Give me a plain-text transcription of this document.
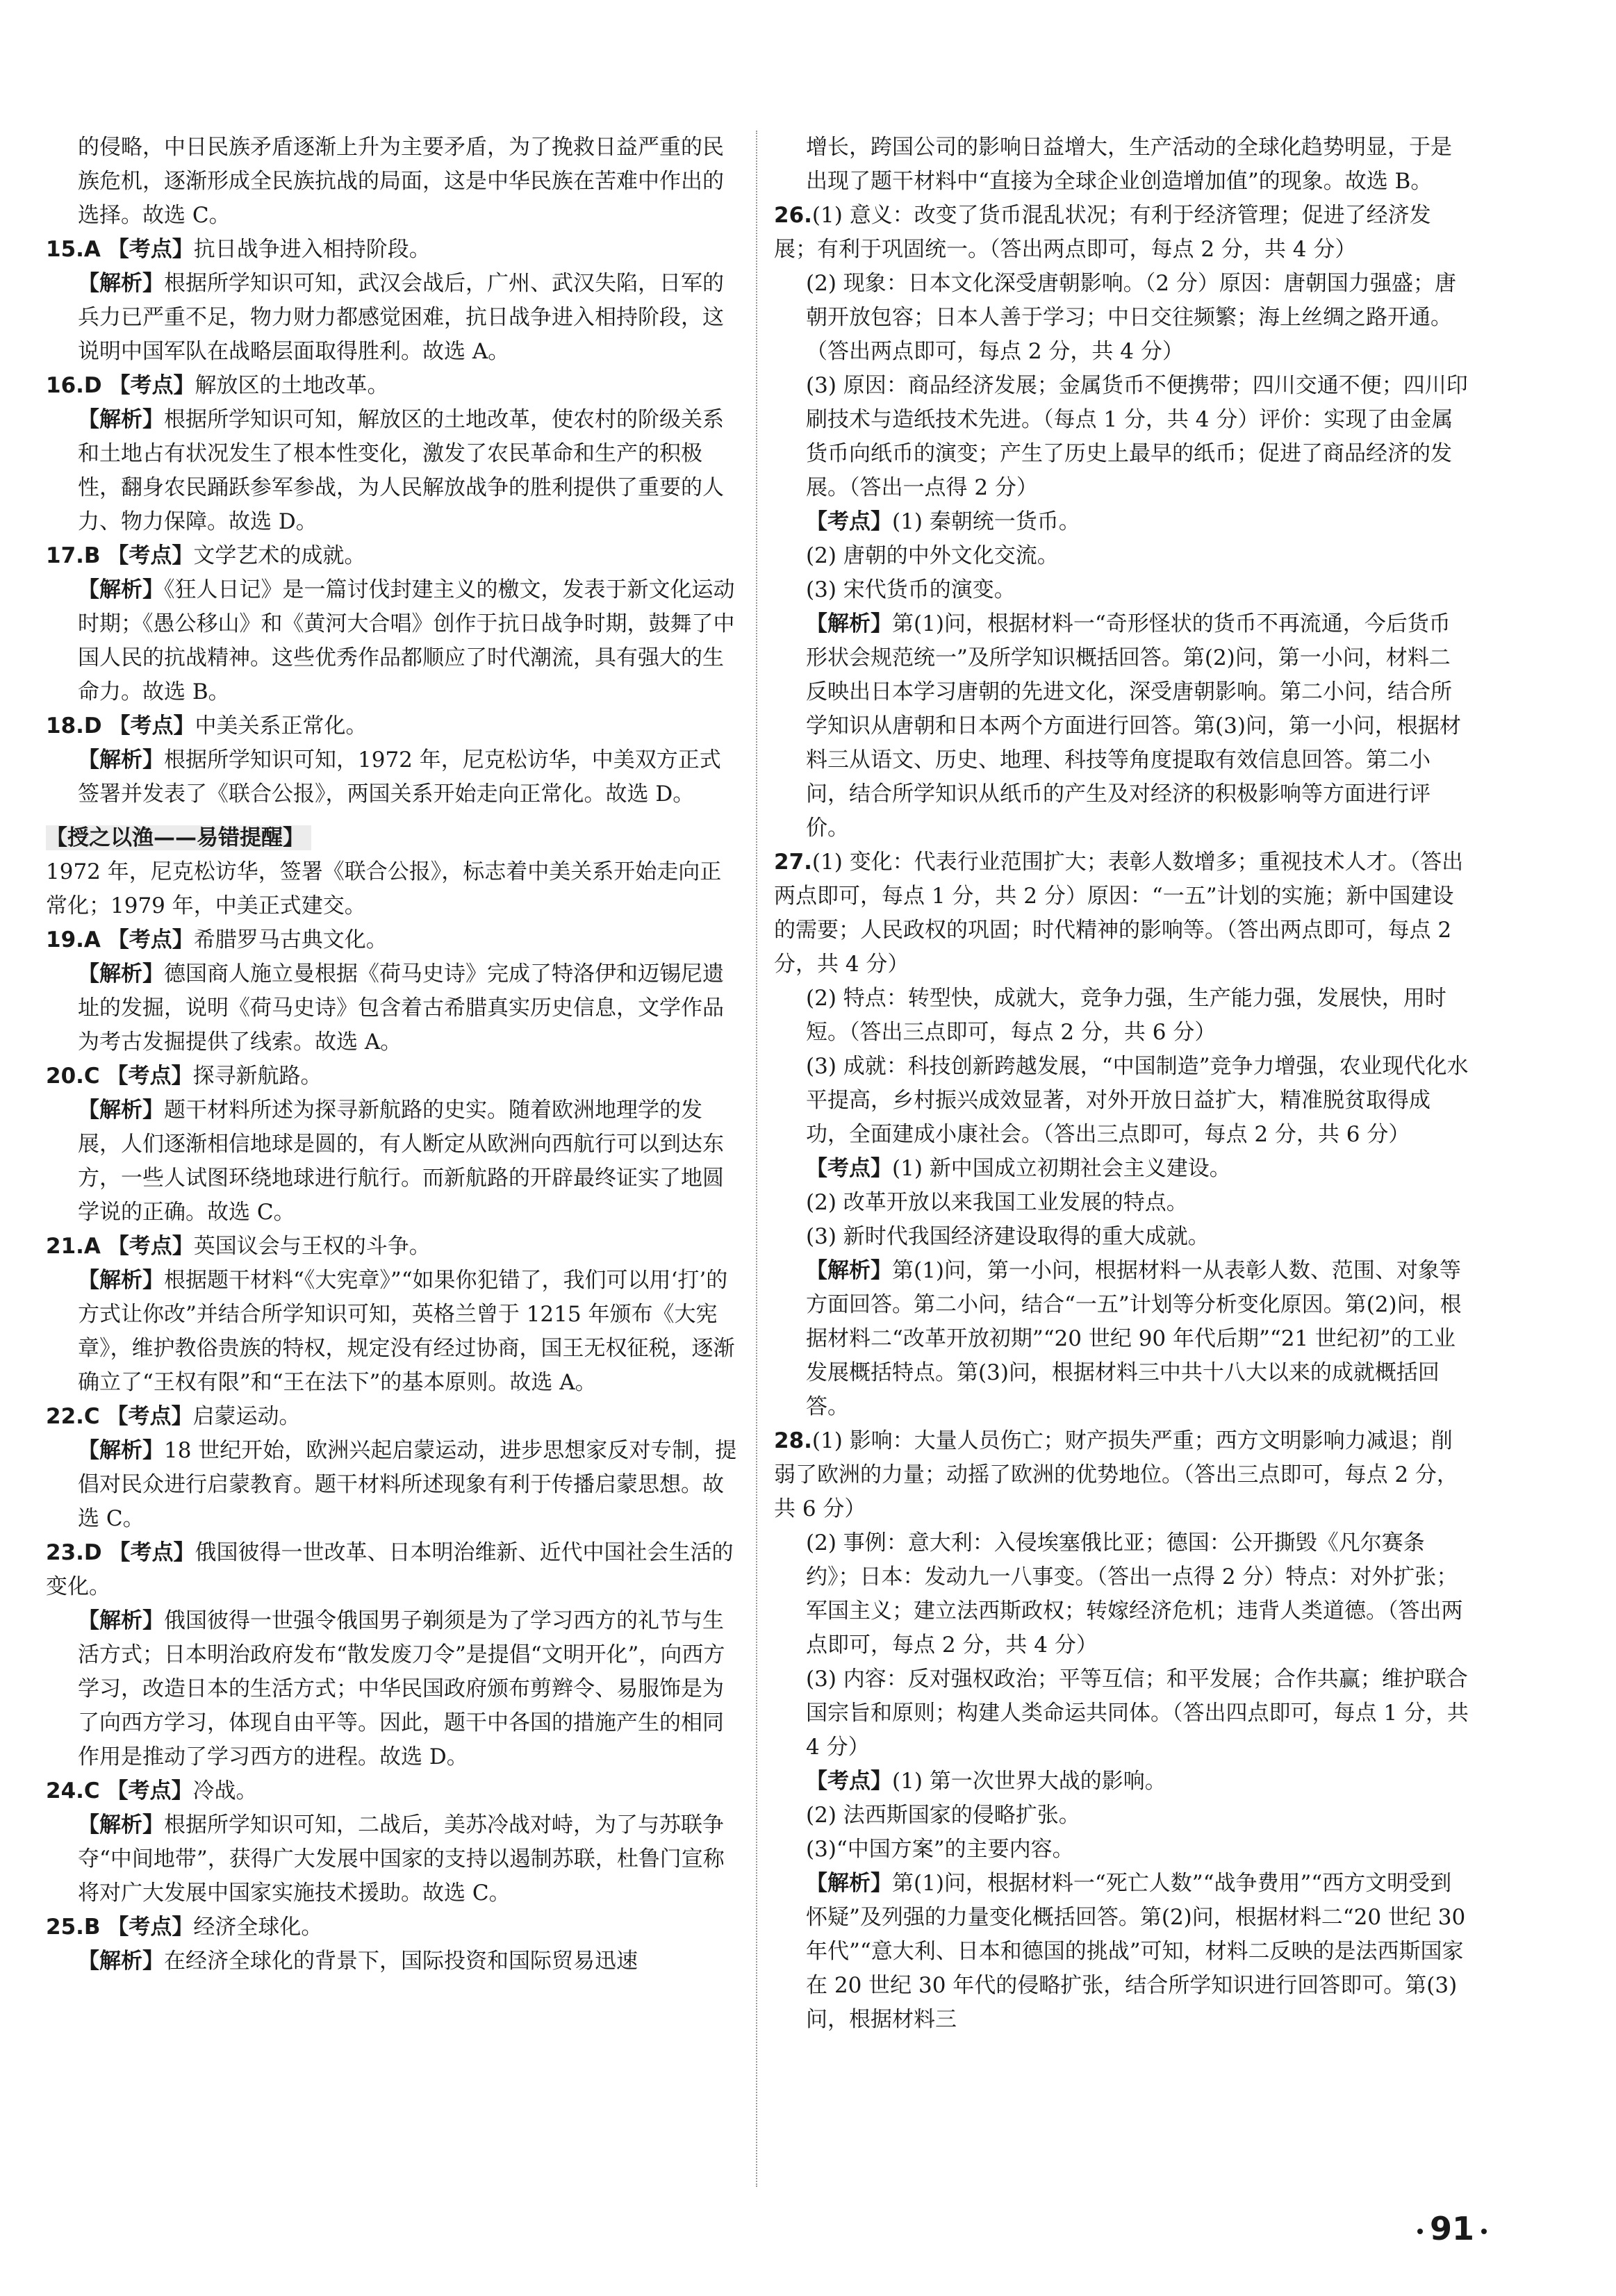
的侵略，中日民族矛盾逐渐上升为主要矛盾，为了挽救日益严重的民族危机，逐渐形成全民族抗战的局面，这是中华民族在苦难中作出的选择。故选 C。

15.A 【考点】抗日战争进入相持阶段。

【解析】根据所学知识可知，武汉会战后，广州、武汉失陷，日军的兵力已严重不足，物力财力都感觉困难，抗日战争进入相持阶段，这说明中国军队在战略层面取得胜利。故选 A。

16.D 【考点】解放区的土地改革。

【解析】根据所学知识可知，解放区的土地改革，使农村的阶级关系和土地占有状况发生了根本性变化，激发了农民革命和生产的积极性，翻身农民踊跃参军参战，为人民解放战争的胜利提供了重要的人力、物力保障。故选 D。

17.B 【考点】文学艺术的成就。

【解析】《狂人日记》是一篇讨伐封建主义的檄文，发表于新文化运动时期；《愚公移山》和《黄河大合唱》创作于抗日战争时期，鼓舞了中国人民的抗战精神。这些优秀作品都顺应了时代潮流，具有强大的生命力。故选 B。

18.D 【考点】中美关系正常化。

【解析】根据所学知识可知，1972 年，尼克松访华，中美双方正式签署并发表了《联合公报》，两国关系开始走向正常化。故选 D。

【授之以渔——易错提醒】

1972 年，尼克松访华，签署《联合公报》，标志着中美关系开始走向正常化；1979 年，中美正式建交。

19.A 【考点】希腊罗马古典文化。

【解析】德国商人施立曼根据《荷马史诗》完成了特洛伊和迈锡尼遗址的发掘，说明《荷马史诗》包含着古希腊真实历史信息，文学作品为考古发掘提供了线索。故选 A。

20.C 【考点】探寻新航路。

【解析】题干材料所述为探寻新航路的史实。随着欧洲地理学的发展，人们逐渐相信地球是圆的，有人断定从欧洲向西航行可以到达东方，一些人试图环绕地球进行航行。而新航路的开辟最终证实了地圆学说的正确。故选 C。

21.A 【考点】英国议会与王权的斗争。

【解析】根据题干材料“《大宪章》”“如果你犯错了，我们可以用‘打’的方式让你改”并结合所学知识可知，英格兰曾于 1215 年颁布《大宪章》，维护教俗贵族的特权，规定没有经过协商，国王无权征税，逐渐确立了“王权有限”和“王在法下”的基本原则。故选 A。

22.C 【考点】启蒙运动。

【解析】18 世纪开始，欧洲兴起启蒙运动，进步思想家反对专制，提倡对民众进行启蒙教育。题干材料所述现象有利于传播启蒙思想。故选 C。

23.D 【考点】俄国彼得一世改革、日本明治维新、近代中国社会生活的变化。

【解析】俄国彼得一世强令俄国男子剃须是为了学习西方的礼节与生活方式；日本明治政府发布“散发废刀令”是提倡“文明开化”，向西方学习，改造日本的生活方式；中华民国政府颁布剪辫令、易服饰是为了向西方学习，体现自由平等。因此，题干中各国的措施产生的相同作用是推动了学习西方的进程。故选 D。

24.C 【考点】冷战。

【解析】根据所学知识可知，二战后，美苏冷战对峙，为了与苏联争夺“中间地带”，获得广大发展中国家的支持以遏制苏联，杜鲁门宣称将对广大发展中国家实施技术援助。故选 C。

25.B 【考点】经济全球化。

【解析】在经济全球化的背景下，国际投资和国际贸易迅速

增长，跨国公司的影响日益增大，生产活动的全球化趋势明显，于是出现了题干材料中“直接为全球企业创造增加值”的现象。故选 B。

26.(1) 意义：改变了货币混乱状况；有利于经济管理；促进了经济发展；有利于巩固统一。（答出两点即可，每点 2 分，共 4 分）

(2) 现象：日本文化深受唐朝影响。（2 分）原因：唐朝国力强盛；唐朝开放包容；日本人善于学习；中日交往频繁；海上丝绸之路开通。（答出两点即可，每点 2 分，共 4 分）

(3) 原因：商品经济发展；金属货币不便携带；四川交通不便；四川印刷技术与造纸技术先进。（每点 1 分，共 4 分）评价：实现了由金属货币向纸币的演变；产生了历史上最早的纸币；促进了商品经济的发展。（答出一点得 2 分）

【考点】(1) 秦朝统一货币。

(2) 唐朝的中外文化交流。

(3) 宋代货币的演变。

【解析】第(1)问，根据材料一“奇形怪状的货币不再流通，今后货币形状会规范统一”及所学知识概括回答。第(2)问，第一小问，材料二反映出日本学习唐朝的先进文化，深受唐朝影响。第二小问，结合所学知识从唐朝和日本两个方面进行回答。第(3)问，第一小问，根据材料三从语文、历史、地理、科技等角度提取有效信息回答。第二小问，结合所学知识从纸币的产生及对经济的积极影响等方面进行评价。

27.(1) 变化：代表行业范围扩大；表彰人数增多；重视技术人才。（答出两点即可，每点 1 分，共 2 分）原因：“一五”计划的实施；新中国建设的需要；人民政权的巩固；时代精神的影响等。（答出两点即可，每点 2 分，共 4 分）

(2) 特点：转型快，成就大，竞争力强，生产能力强，发展快，用时短。（答出三点即可，每点 2 分，共 6 分）

(3) 成就：科技创新跨越发展，“中国制造”竞争力增强，农业现代化水平提高，乡村振兴成效显著，对外开放日益扩大，精准脱贫取得成功，全面建成小康社会。（答出三点即可，每点 2 分，共 6 分）

【考点】(1) 新中国成立初期社会主义建设。

(2) 改革开放以来我国工业发展的特点。

(3) 新时代我国经济建设取得的重大成就。

【解析】第(1)问，第一小问，根据材料一从表彰人数、范围、对象等方面回答。第二小问，结合“一五”计划等分析变化原因。第(2)问，根据材料二“改革开放初期”“20 世纪 90 年代后期”“21 世纪初”的工业发展概括特点。第(3)问，根据材料三中共十八大以来的成就概括回答。

28.(1) 影响：大量人员伤亡；财产损失严重；西方文明影响力减退；削弱了欧洲的力量；动摇了欧洲的优势地位。（答出三点即可，每点 2 分，共 6 分）

(2) 事例：意大利：入侵埃塞俄比亚；德国：公开撕毁《凡尔赛条约》；日本：发动九一八事变。（答出一点得 2 分）特点：对外扩张；军国主义；建立法西斯政权；转嫁经济危机；违背人类道德。（答出两点即可，每点 2 分，共 4 分）

(3) 内容：反对强权政治；平等互信；和平发展；合作共赢；维护联合国宗旨和原则；构建人类命运共同体。（答出四点即可，每点 1 分，共 4 分）

【考点】(1) 第一次世界大战的影响。

(2) 法西斯国家的侵略扩张。

(3)“中国方案”的主要内容。

【解析】第(1)问，根据材料一“死亡人数”“战争费用”“西方文明受到怀疑”及列强的力量变化概括回答。第(2)问，根据材料二“20 世纪 30 年代”“意大利、日本和德国的挑战”可知，材料二反映的是法西斯国家在 20 世纪 30 年代的侵略扩张，结合所学知识进行回答即可。第(3)问，根据材料三

91
